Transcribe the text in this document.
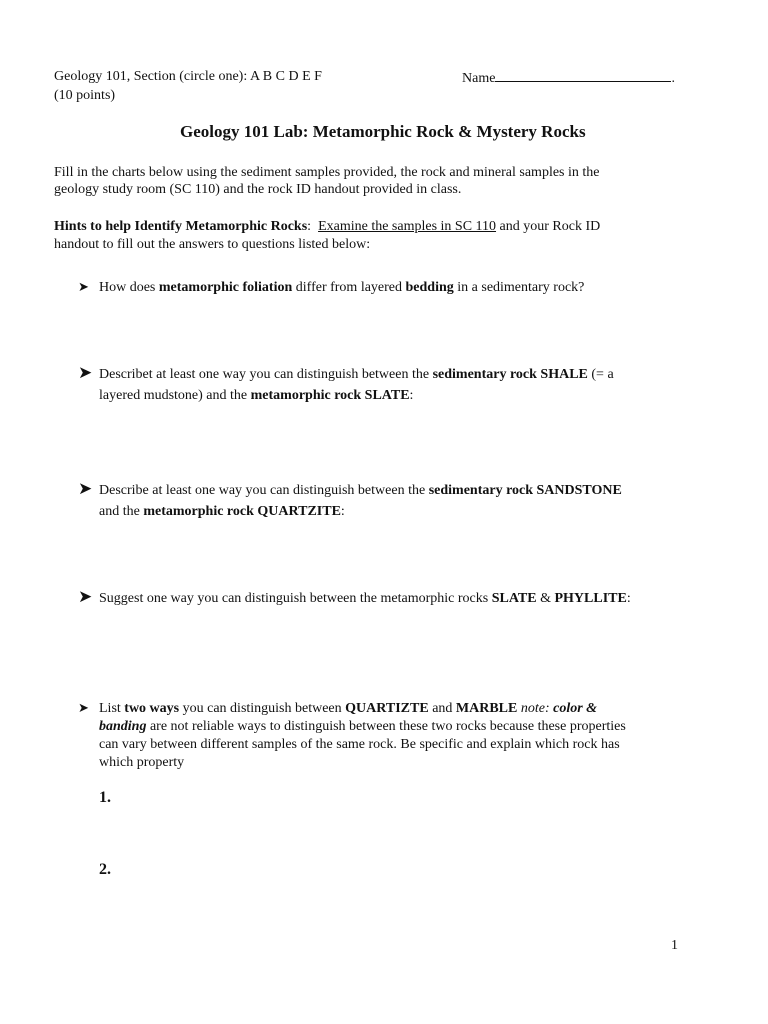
Geology 101, Section (circle one): A B C D E F	Name	.
(10 points)
Geology 101 Lab: Metamorphic Rock & Mystery Rocks
Fill in the charts below using the sediment samples provided, the rock and mineral samples in the
geology study room (SC 110) and the rock ID handout provided in class.
Hints to help Identify Metamorphic Rocks:  Examine the samples in SC 110 and your Rock ID
handout to fill out the answers to questions listed below:
➤ How does metamorphic foliation differ from layered bedding in a sedimentary rock?
➤ Describet at least one way you can distinguish between the sedimentary rock SHALE (= a
layered mudstone) and the metamorphic rock SLATE:
➤ Describe at least one way you can distinguish between the sedimentary rock SANDSTONE
and the metamorphic rock QUARTZITE:
➤ Suggest one way you can distinguish between the metamorphic rocks SLATE & PHYLLITE:
➤ List two ways you can distinguish between QUARTIZTE and MARBLE note: color &
banding are not reliable ways to distinguish between these two rocks because these properties
can vary between different samples of the same rock. Be specific and explain which rock has
which property
1.
2.
1
